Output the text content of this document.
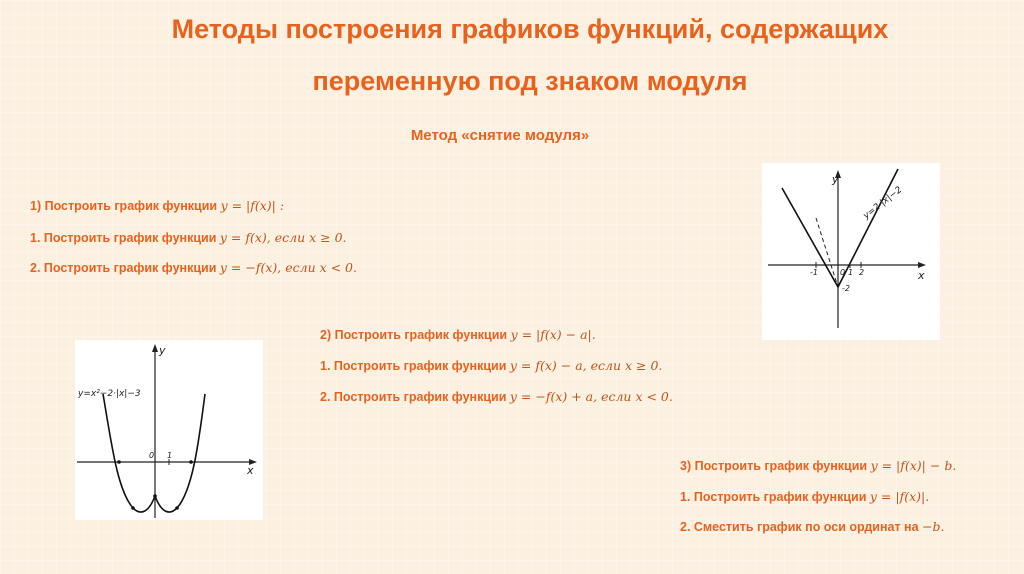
Методы построения графиков функций, содержащих
переменную под знаком модуля
Метод «снятие модуля»
1) Построить график функции y = |f(x)| :
1. Построить график функции y = f(x), если x ≥ 0.
2. Построить график функции y = −f(x), если x < 0.
2) Построить график функции y = |f(x) − a|.
1. Построить график функции y = f(x) − a, если x ≥ 0.
2. Построить график функции y = −f(x) + a, если x < 0.
3) Построить график функции y = |f(x)| − b.
1. Построить график функции y = |f(x)|.
2. Сместить график по оси ординат на −b.
y
x
y=2·|x|−2
-1	0 1 2
-2
y
x
y=x²−2·|x|−3
0 1
